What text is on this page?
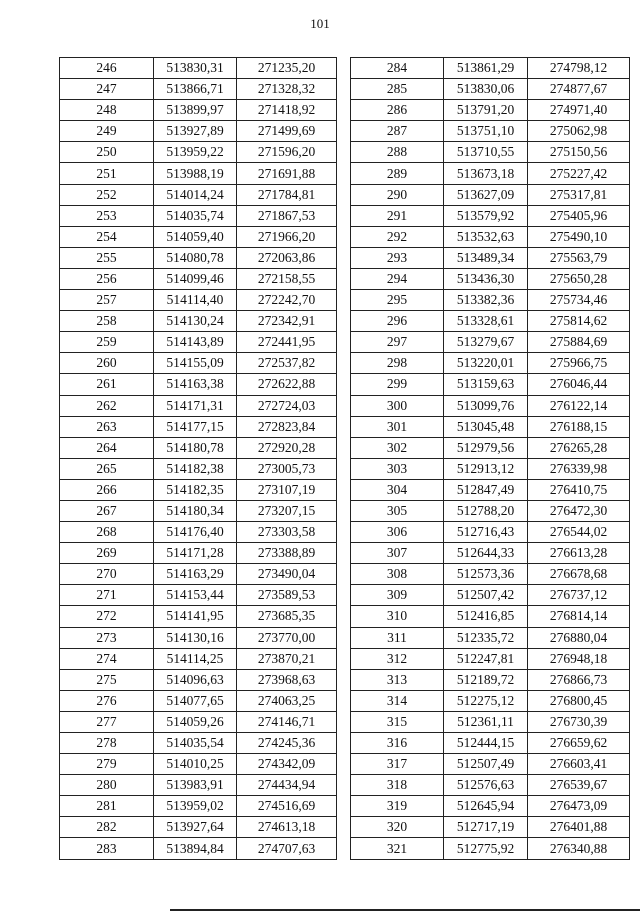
101
246	513830,31	271235,20
247	513866,71	271328,32
248	513899,97	271418,92
249	513927,89	271499,69
250	513959,22	271596,20
251	513988,19	271691,88
252	514014,24	271784,81
253	514035,74	271867,53
254	514059,40	271966,20
255	514080,78	272063,86
256	514099,46	272158,55
257	514114,40	272242,70
258	514130,24	272342,91
259	514143,89	272441,95
260	514155,09	272537,82
261	514163,38	272622,88
262	514171,31	272724,03
263	514177,15	272823,84
264	514180,78	272920,28
265	514182,38	273005,73
266	514182,35	273107,19
267	514180,34	273207,15
268	514176,40	273303,58
269	514171,28	273388,89
270	514163,29	273490,04
271	514153,44	273589,53
272	514141,95	273685,35
273	514130,16	273770,00
274	514114,25	273870,21
275	514096,63	273968,63
276	514077,65	274063,25
277	514059,26	274146,71
278	514035,54	274245,36
279	514010,25	274342,09
280	513983,91	274434,94
281	513959,02	274516,69
282	513927,64	274613,18
283	513894,84	274707,63
284	513861,29	274798,12
285	513830,06	274877,67
286	513791,20	274971,40
287	513751,10	275062,98
288	513710,55	275150,56
289	513673,18	275227,42
290	513627,09	275317,81
291	513579,92	275405,96
292	513532,63	275490,10
293	513489,34	275563,79
294	513436,30	275650,28
295	513382,36	275734,46
296	513328,61	275814,62
297	513279,67	275884,69
298	513220,01	275966,75
299	513159,63	276046,44
300	513099,76	276122,14
301	513045,48	276188,15
302	512979,56	276265,28
303	512913,12	276339,98
304	512847,49	276410,75
305	512788,20	276472,30
306	512716,43	276544,02
307	512644,33	276613,28
308	512573,36	276678,68
309	512507,42	276737,12
310	512416,85	276814,14
311	512335,72	276880,04
312	512247,81	276948,18
313	512189,72	276866,73
314	512275,12	276800,45
315	512361,11	276730,39
316	512444,15	276659,62
317	512507,49	276603,41
318	512576,63	276539,67
319	512645,94	276473,09
320	512717,19	276401,88
321	512775,92	276340,88
